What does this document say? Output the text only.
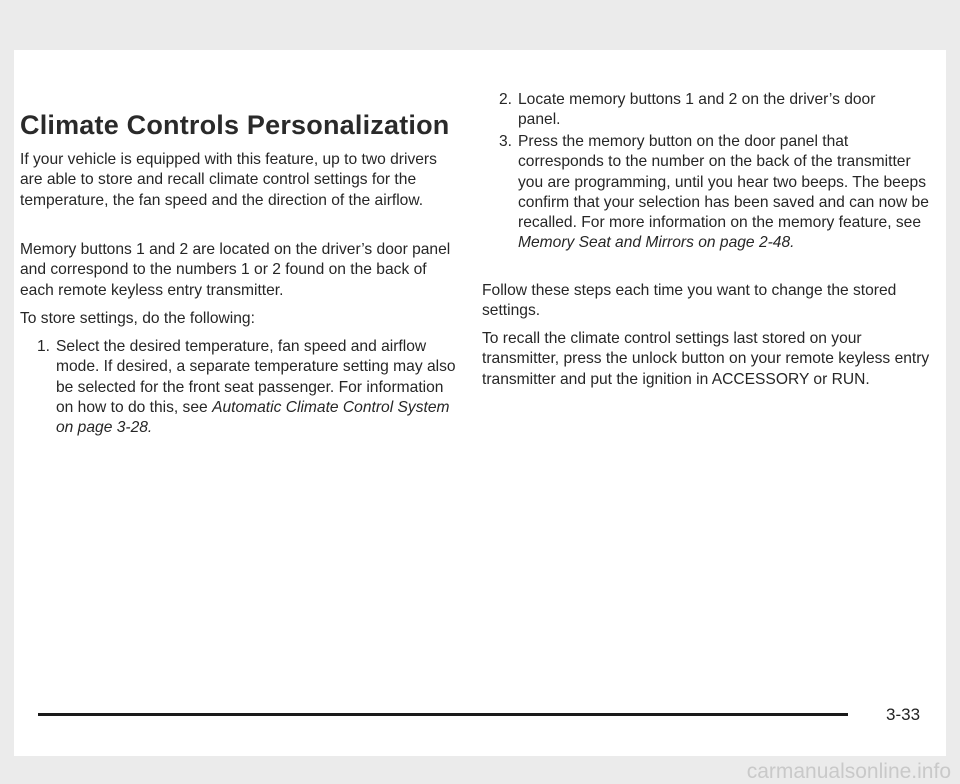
Climate Controls Personalization

If your vehicle is equipped with this feature, up to two drivers are able to store and recall climate control settings for the temperature, the fan speed and the direction of the airflow.

Memory buttons 1 and 2 are located on the driver’s door panel and correspond to the numbers 1 or 2 found on the back of each remote keyless entry transmitter.

To store settings, do the following:

1. Select the desired temperature, fan speed and airflow mode. If desired, a separate temperature setting may also be selected for the front seat passenger. For information on how to do this, see Automatic Climate Control System on page 3-28.

2. Locate memory buttons 1 and 2 on the driver’s door panel.

3. Press the memory button on the door panel that corresponds to the number on the back of the transmitter you are programming, until you hear two beeps. The beeps confirm that your selection has been saved and can now be recalled. For more information on the memory feature, see Memory Seat and Mirrors on page 2-48.

Follow these steps each time you want to change the stored settings.

To recall the climate control settings last stored on your transmitter, press the unlock button on your remote keyless entry transmitter and put the ignition in ACCESSORY or RUN.

3-33
carmanualsonline.info
